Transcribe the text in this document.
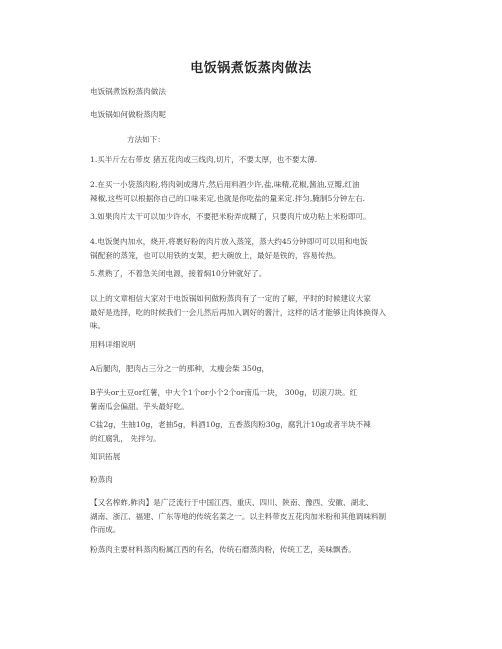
电饭锅煮饭蒸肉做法
电饭锅煮饭粉蒸肉做法
电饭锅如何做粉蒸肉呢
方法如下：
1.买半斤左右带皮 猪五花肉或三线肉,切片，不要太厚，也不要太薄.
2.在买一小袋蒸肉粉,将肉剁成薄片,然后用料酒少许,盐,味精,花椒,酱油,豆瓣,红油
辣椒,这些可以根据你自己的口味来定,也就是你吃盐的量来定.拌匀,腌制5分钟左右.
3.如果肉片太干可以加少许水，不要把米粉弄成糊了，只要肉片成功粘上米粉即可。
4.电饭煲内加水，烧开,将裹好粉的肉片放入蒸笼，蒸大约45分钟即可可以用和电饭
锅配套的蒸笼，也可以用铁的支架，把大碗放上，最好是铁的，容易传热。
5.煮熟了，不着急关闭电源，接着焖10分钟就好了。
以上的文章相信大家对于电饭锅如何做粉蒸肉有了一定的了解，平时的时候建议大家
最好是选择，吃的时候我们一会儿然后再加入调好的酱汁，这样的话才能够让肉体换得入
味。
用料详细说明
A后腿肉，肥肉占三分之一的那种，太瘦会柴 350g，
B芋头or土豆or红薯，中大个1个or小个2个or南瓜一块， 300g，切滚刀块。红
薯南瓜会偏甜。芋头最好吃。
C盐2g，生抽10g，老抽5g，料酒10g，五香蒸肉粉30g，腐乳汁10g或者半块不辣
的红腐乳， 先拌匀。
知识拓展
粉蒸肉
【又名榨蚱,鲊肉】是广泛流行于中国江西、重庆、四川、陕南、豫西、安徽、湖北、
湖南、浙江、福建、广东等地的传统名菜之一。以主料带皮五花肉加米粉和其他调味料制
作而成。
粉蒸肉主要材料蒸肉粉属江西的有名，传统石磨蒸肉粉，传统工艺，美味飘香。
